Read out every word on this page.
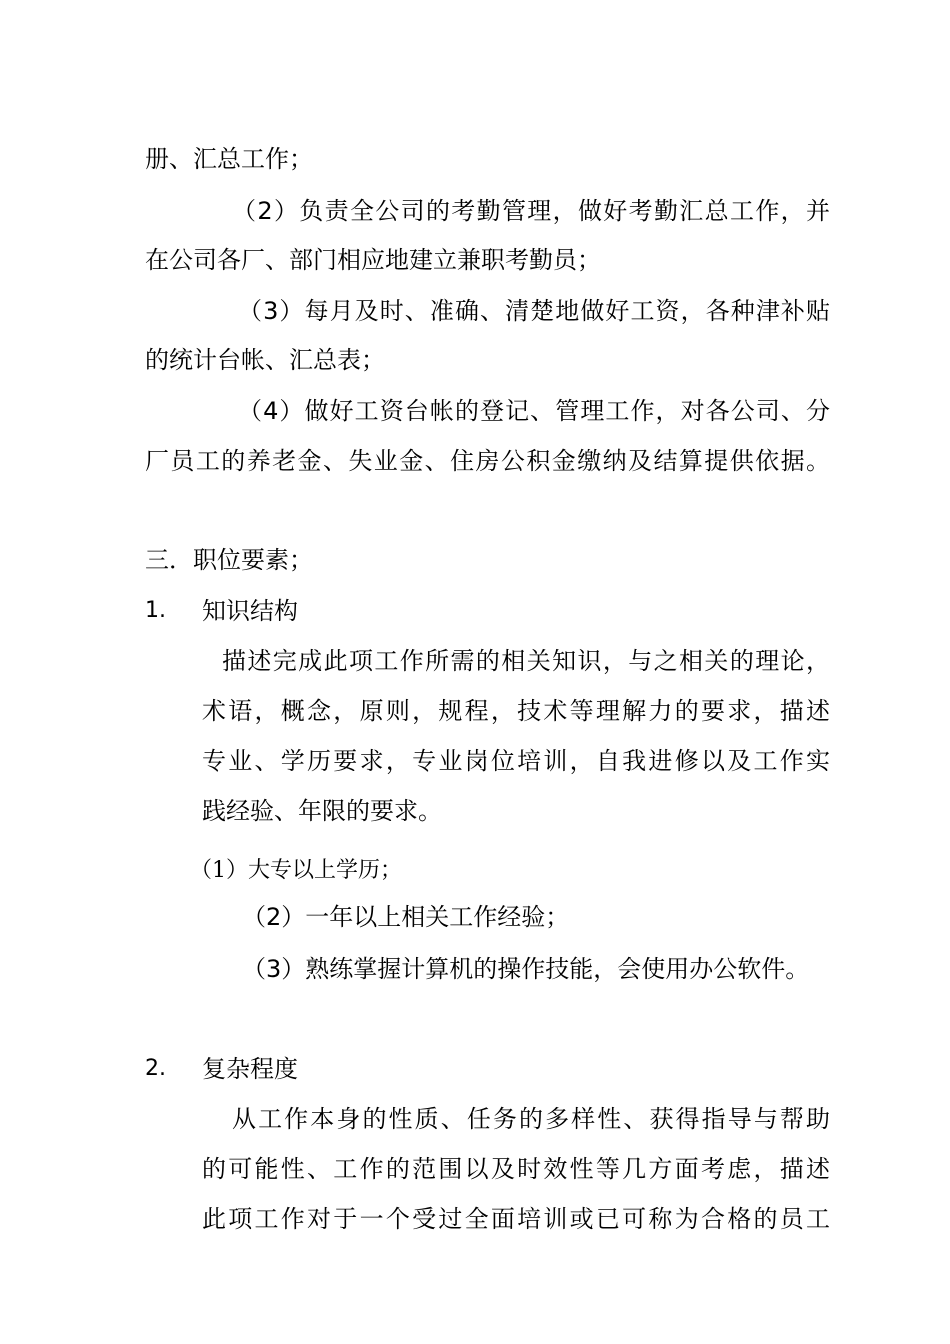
册、汇总工作；
（2）负责全公司的考勤管理，做好考勤汇总工作，并
在公司各厂、部门相应地建立兼职考勤员；
（3）每月及时、准确、清楚地做好工资，各种津补贴
的统计台帐、汇总表；
（4）做好工资台帐的登记、管理工作，对各公司、分
厂员工的养老金、失业金、住房公积金缴纳及结算提供依据。
三．职位要素；
1. 知识结构
描述完成此项工作所需的相关知识，与之相关的理论，
术语，概念，原则，规程，技术等理解力的要求，描述
专业、学历要求，专业岗位培训，自我进修以及工作实
践经验、年限的要求。
（1）大专以上学历；
（2）一年以上相关工作经验；
（3）熟练掌握计算机的操作技能，会使用办公软件。
2. 复杂程度
从工作本身的性质、任务的多样性、获得指导与帮助
的可能性、工作的范围以及时效性等几方面考虑，描述
此项工作对于一个受过全面培训或已可称为合格的员工
